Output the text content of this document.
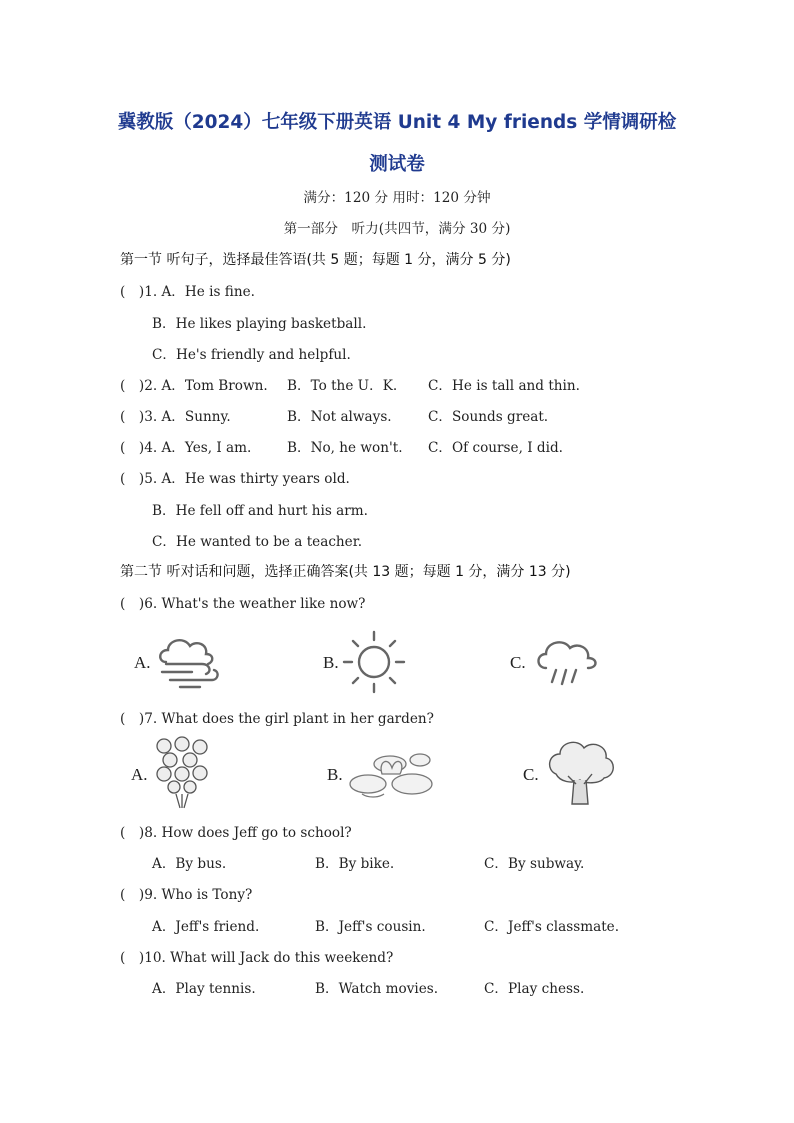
冀教版（2024）七年级下册英语 Unit 4 My friends 学情调研检
测试卷
满分：120 分 用时：120 分钟
第一部分　听力(共四节，满分 30 分)
第一节 听句子，选择最佳答语(共 5 题；每题 1 分，满分 5 分)
(　)1. A．He is fine.
B．He likes playing basketball.
C．He's friendly and helpful.
(　)2. A．Tom Brown. B．To the U．K. C．He is tall and thin.
(　)3. A．Sunny.	B．Not always.	C．Sounds great.
(　)4. A．Yes, I am.	B．No, he won't. C．Of course, I did.
(　)5. A．He was thirty years old.
B．He fell off and hurt his arm.
C．He wanted to be a teacher.
第二节 听对话和问题，选择正确答案(共 13 题；每题 1 分，满分 13 分)
(　)6. What's the weather like now?
A.	B.	C.
(　)7. What does the girl plant in her garden?
A.	B.	C.
(　)8. How does Jeff go to school?
A．By bus.	B．By bike.	C．By subway.
(　)9. Who is Tony?
A．Jeff's friend.	B．Jeff's cousin.	C．Jeff's classmate.
(　)10. What will Jack do this weekend?
A．Play tennis.	B．Watch movies.	C．Play chess.
